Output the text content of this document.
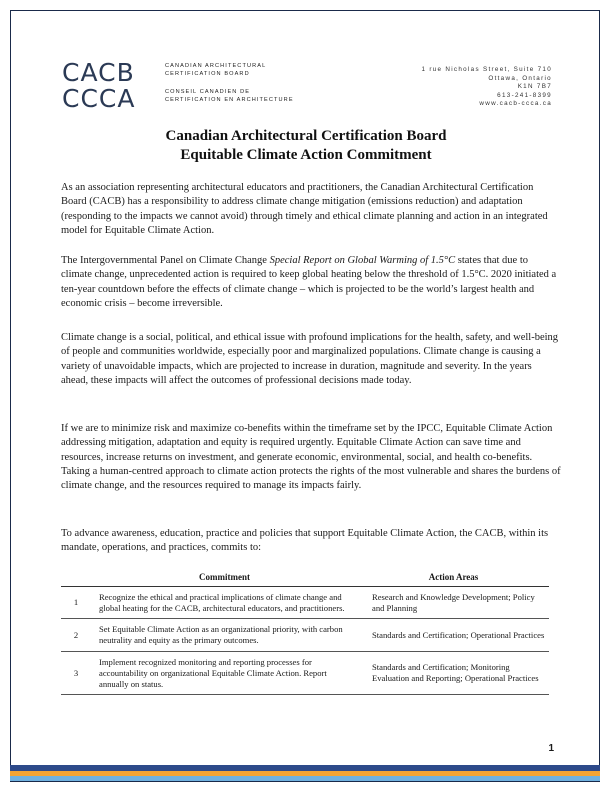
CACB	CANADIAN ARCHITECTURAL
CERTIFICATION BOARD
CCCA	CONSEIL CANADIEN DE
CERTIFICATION EN ARCHITECTURE
1 rue Nicholas Street, Suite 710
Ottawa, Ontario
K1N 7B7
613-241-8399
www.cacb-ccca.ca
Canadian Architectural Certification Board
Equitable Climate Action Commitment

As an association representing architectural educators and practitioners, the Canadian Architectural Certification Board (CACB) has a responsibility to address climate change mitigation (emissions reduction) and adaptation (responding to the impacts we cannot avoid) through timely and ethical climate planning and action in an integrated model for Equitable Climate Action.

The Intergovernmental Panel on Climate Change Special Report on Global Warming of 1.5°C states that due to climate change, unprecedented action is required to keep global heating below the threshold of 1.5°C. 2020 initiated a ten-year countdown before the effects of climate change – which is projected to be the world’s largest health and economic crisis – become irreversible.

Climate change is a social, political, and ethical issue with profound implications for the health, safety, and well-being of people and communities worldwide, especially poor and marginalized populations. Climate change is causing a variety of unavoidable impacts, which are projected to increase in duration, magnitude and severity. In the years ahead, these impacts will affect the outcomes of professional decisions made today.

If we are to minimize risk and maximize co-benefits within the timeframe set by the IPCC, Equitable Climate Action addressing mitigation, adaptation and equity is required urgently. Equitable Climate Action can save time and resources, increase returns on investment, and generate economic, environmental, social, and health co-benefits. Taking a human-centred approach to climate action protects the rights of the most vulnerable and shares the burdens of climate change, and the resources required to manage its impacts fairly.

To advance awareness, education, practice and policies that support Equitable Climate Action, the CACB, within its mandate, operations, and practices, commits to:

	Commitment	Action Areas
1	Recognize the ethical and practical implications of climate change and global heating for the CACB, architectural educators, and practitioners.	Research and Knowledge Development; Policy and Planning
2	Set Equitable Climate Action as an organizational priority, with carbon neutrality and equity as the primary outcomes.	Standards and Certification; Operational Practices
3	Implement recognized monitoring and reporting processes for accountability on organizational Equitable Climate Action. Report annually on status.	Standards and Certification; Monitoring Evaluation and Reporting; Operational Practices
1
